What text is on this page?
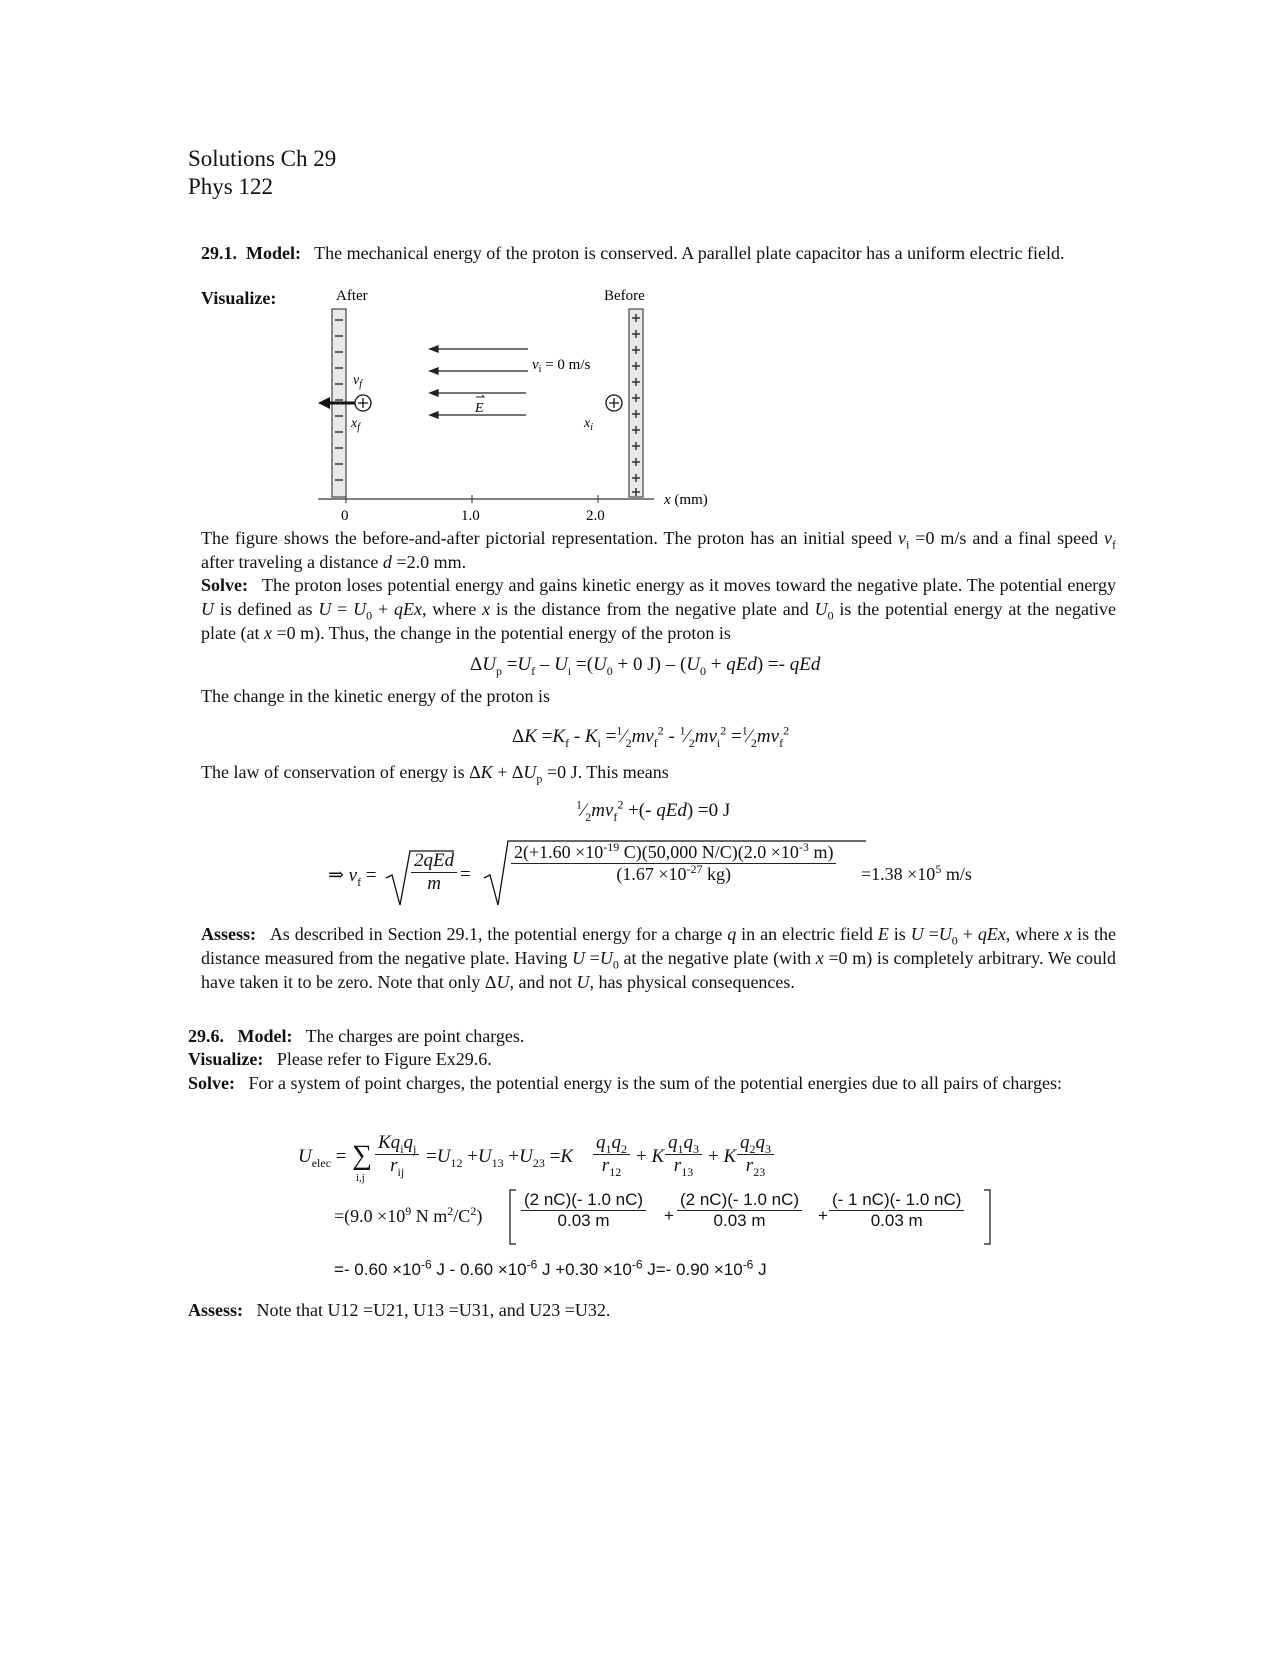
Solutions Ch 29
Phys 122
29.1. Model: The mechanical energy of the proton is conserved. A parallel plate capacitor has a uniform electric field.
Visualize:	After	Before
$v_f$
$x_f$
$v_i = 0$ m/s
$x_i$
E
x (mm)
0	1.0	2.0
The figure shows the before-and-after pictorial representation. The proton has an initial speed $v_i =0$ m/s and a final speed $v_f$ after traveling a distance d =2.0 mm.
Solve: The proton loses potential energy and gains kinetic energy as it moves toward the negative plate. The potential energy U is defined as $U = U_0$ + qEx, where x is the distance from the negative plate and $U_0$ is the potential energy at the negative plate (at x =0 m). Thus, the change in the potential energy of the proton is
$\Delta U_p =U_f - U_i =(U_0 + 0$ $J) - (U_0 + qEd)$ =- qEd
The change in the kinetic energy of the proton is
$\Delta K =K_f - K_i$ $=^1⁄_2mv_f^2$ - $^1⁄_2mv_i^2$ $=^1⁄_2mv_f^2$
The law of conservation of energy is $\Delta K + \Delta U_p =0$ J. This means
$^1⁄_2mv_f^2$ +(- qEd) =0 J
⇒ $v_f$ =
2qEd
m	= $\frac{2(+1.60 \times 10^{-19} C)(50,000 N/C)(2.0 \times 10^{-3} m)}{(1.67 \times 10^{-27} kg)} =1.38 \times 10^5$ m/s
Assess: As described in Section 29.1, the potential energy for a charge q in an electric field E is $U =U_0$ + qEx, where x is the distance measured from the negative plate. Having $U =U_0$ at the negative plate (with x =0 m) is completely arbitrary. We could have taken it to be zero. Note that only ΔU, and not U, has physical consequences.
29.6. Model: The charges are point charges.
Visualize: Please refer to Figure Ex29.6.
Solve: For a system of point charges, the potential energy is the sum of the potential energies due to all pairs of charges:
$U_{elec}$ = ∑
i,j
$Kq_iq_j$
$r_{ij}$
$=U_{12} +U_{13} +U_{23} =K \frac{q_1q_2}{r_{12}} + K \frac{q_1q_3}{r_{13}} + K \frac{q_2q_3}{r_{23}}$
$=(9.0 \times 10^9$ N $m^2/C^2) \frac{(2 nC)(- 1.0 nC)}{0.03 m} + \frac{(2 nC)(- 1.0 nC)}{0.03 m} + \frac{(- 1 nC)(- 1.0 nC)}{0.03 m}$
=- $0.60 \times 10^{-6}$ $J - 0.60 \times 10^{-6}$ $J +0.30 \times 10^{-6}$ J=- $0.90 \times 10^{-6}$ J
Assess: Note that U12 =U21, U13 =U31, and U23 =U32.
